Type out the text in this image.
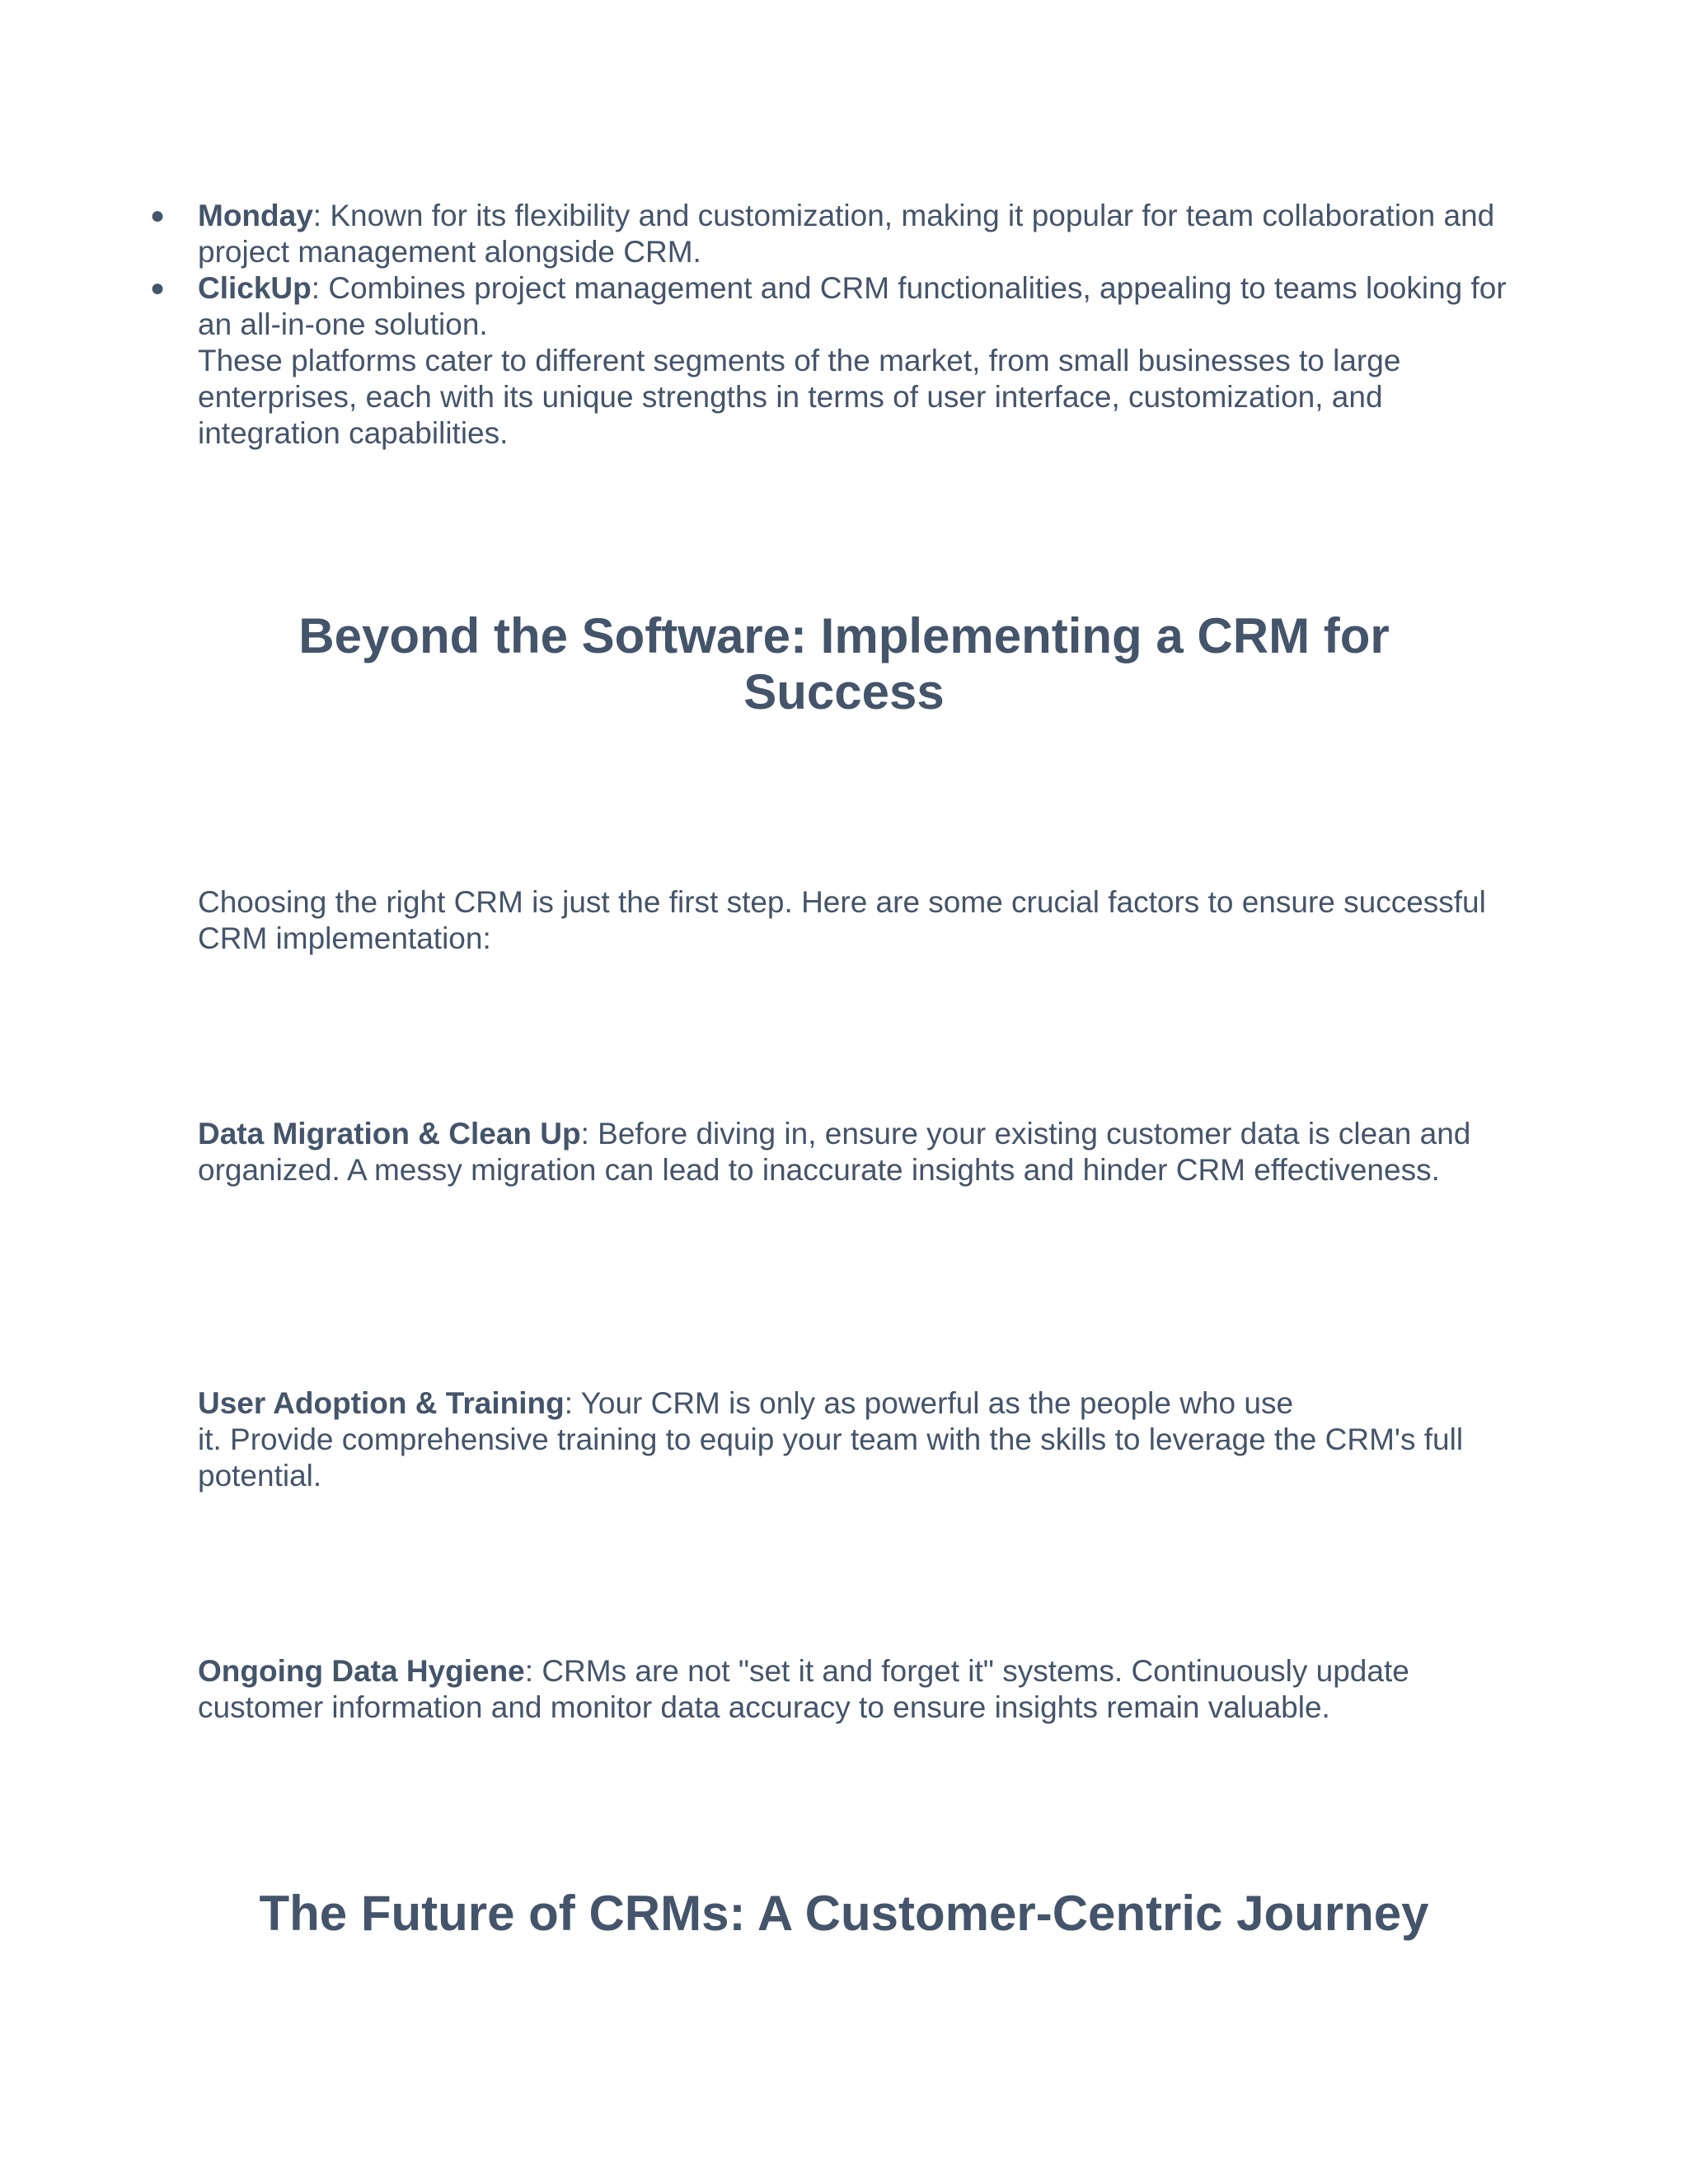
● Monday: Known for its flexibility and customization, making it popular for team collaboration and project management alongside CRM.
● ClickUp: Combines project management and CRM functionalities, appealing to teams looking for an all-in-one solution.

These platforms cater to different segments of the market, from small businesses to large enterprises, each with its unique strengths in terms of user interface, customization, and integration capabilities.

Beyond the Software: Implementing a CRM for
Success

Choosing the right CRM is just the first step. Here are some crucial factors to ensure successful CRM implementation:

Data Migration & Clean Up: Before diving in, ensure your existing customer data is clean and organized. A messy migration can lead to inaccurate insights and hinder CRM effectiveness.

User Adoption & Training: Your CRM is only as powerful as the people who use
it. Provide comprehensive training to equip your team with the skills to leverage the CRM's full potential.

Ongoing Data Hygiene: CRMs are not "set it and forget it" systems. Continuously update customer information and monitor data accuracy to ensure insights remain valuable.

The Future of CRMs: A Customer-Centric Journey
